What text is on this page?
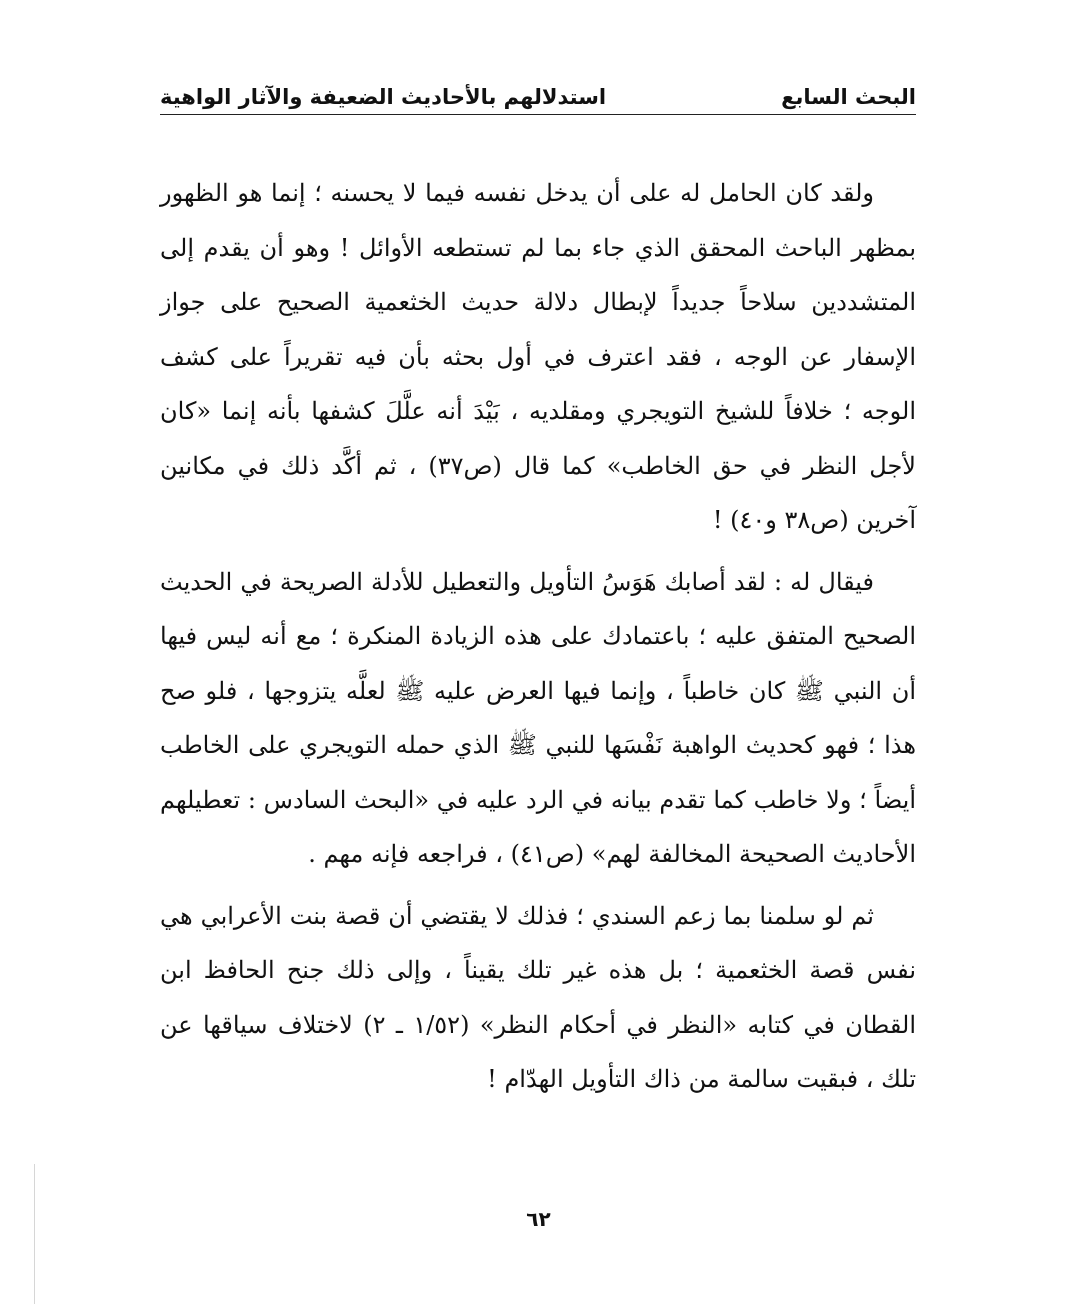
البحث السابع
استدلالهم بالأحاديث الضعيفة والآثار الواهية

ولقد كان الحامل له على أن يدخل نفسه فيما لا يحسنه ؛ إنما هو الظهور بمظهر الباحث المحقق الذي جاء بما لم تستطعه الأوائل ! وهو أن يقدم إلى المتشددين سلاحاً جديداً لإبطال دلالة حديث الخثعمية الصحيح على جواز الإسفار عن الوجه ، فقد اعترف في أول بحثه بأن فيه تقريراً على كشف الوجه ؛ خلافاً للشيخ التويجري ومقلديه ، بَيْدَ أنه علَّلَ كشفها بأنه إنما «كان لأجل النظر في حق الخاطب» كما قال (ص٣٧) ، ثم أكَّد ذلك في مكانين آخرين (ص٣٨ و٤٠) !

فيقال له : لقد أصابك هَوَسُ التأويل والتعطيل للأدلة الصريحة في الحديث الصحيح المتفق عليه ؛ باعتمادك على هذه الزيادة المنكرة ؛ مع أنه ليس فيها أن النبي ﷺ كان خاطباً ، وإنما فيها العرض عليه ﷺ لعلَّه يتزوجها ، فلو صح هذا ؛ فهو كحديث الواهبة نَفْسَها للنبي ﷺ الذي حمله التويجري على الخاطب أيضاً ؛ ولا خاطب كما تقدم بيانه في الرد عليه في «البحث السادس : تعطيلهم الأحاديث الصحيحة المخالفة لهم» (ص٤١) ، فراجعه فإنه مهم .

ثم لو سلمنا بما زعم السندي ؛ فذلك لا يقتضي أن قصة بنت الأعرابي هي نفس قصة الخثعمية ؛ بل هذه غير تلك يقيناً ، وإلى ذلك جنح الحافظ ابن القطان في كتابه «النظر في أحكام النظر» (١/٥٢ ـ ٢) لاختلاف سياقها عن تلك ، فبقيت سالمة من ذاك التأويل الهدّام !

٦٢
